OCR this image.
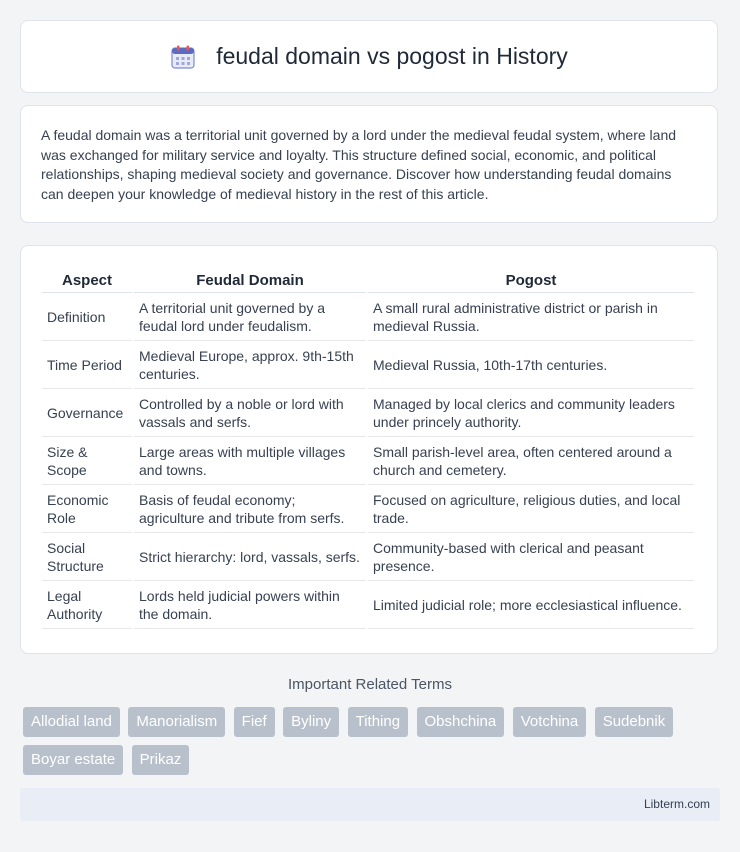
feudal domain vs pogost in History

A feudal domain was a territorial unit governed by a lord under the medieval feudal system, where land was exchanged for military service and loyalty. This structure defined social, economic, and political relationships, shaping medieval society and governance. Discover how understanding feudal domains can deepen your knowledge of medieval history in the rest of this article.

Aspect	Feudal Domain	Pogost
Definition	A territorial unit governed by a feudal lord under feudalism.	A small rural administrative district or parish in medieval Russia.
Time Period	Medieval Europe, approx. 9th-15th centuries.	Medieval Russia, 10th-17th centuries.
Governance	Controlled by a noble or lord with vassals and serfs.	Managed by local clerics and community leaders under princely authority.
Size & Scope	Large areas with multiple villages and towns.	Small parish-level area, often centered around a church and cemetery.
Economic Role	Basis of feudal economy; agriculture and tribute from serfs.	Focused on agriculture, religious duties, and local trade.
Social Structure	Strict hierarchy: lord, vassals, serfs.	Community-based with clerical and peasant presence.
Legal Authority	Lords held judicial powers within the domain.	Limited judicial role; more ecclesiastical influence.
Important Related Terms
Allodial land Manorialism Fief Byliny Tithing Obshchina Votchina Sudebnik Boyar estate Prikaz
Libterm.com
